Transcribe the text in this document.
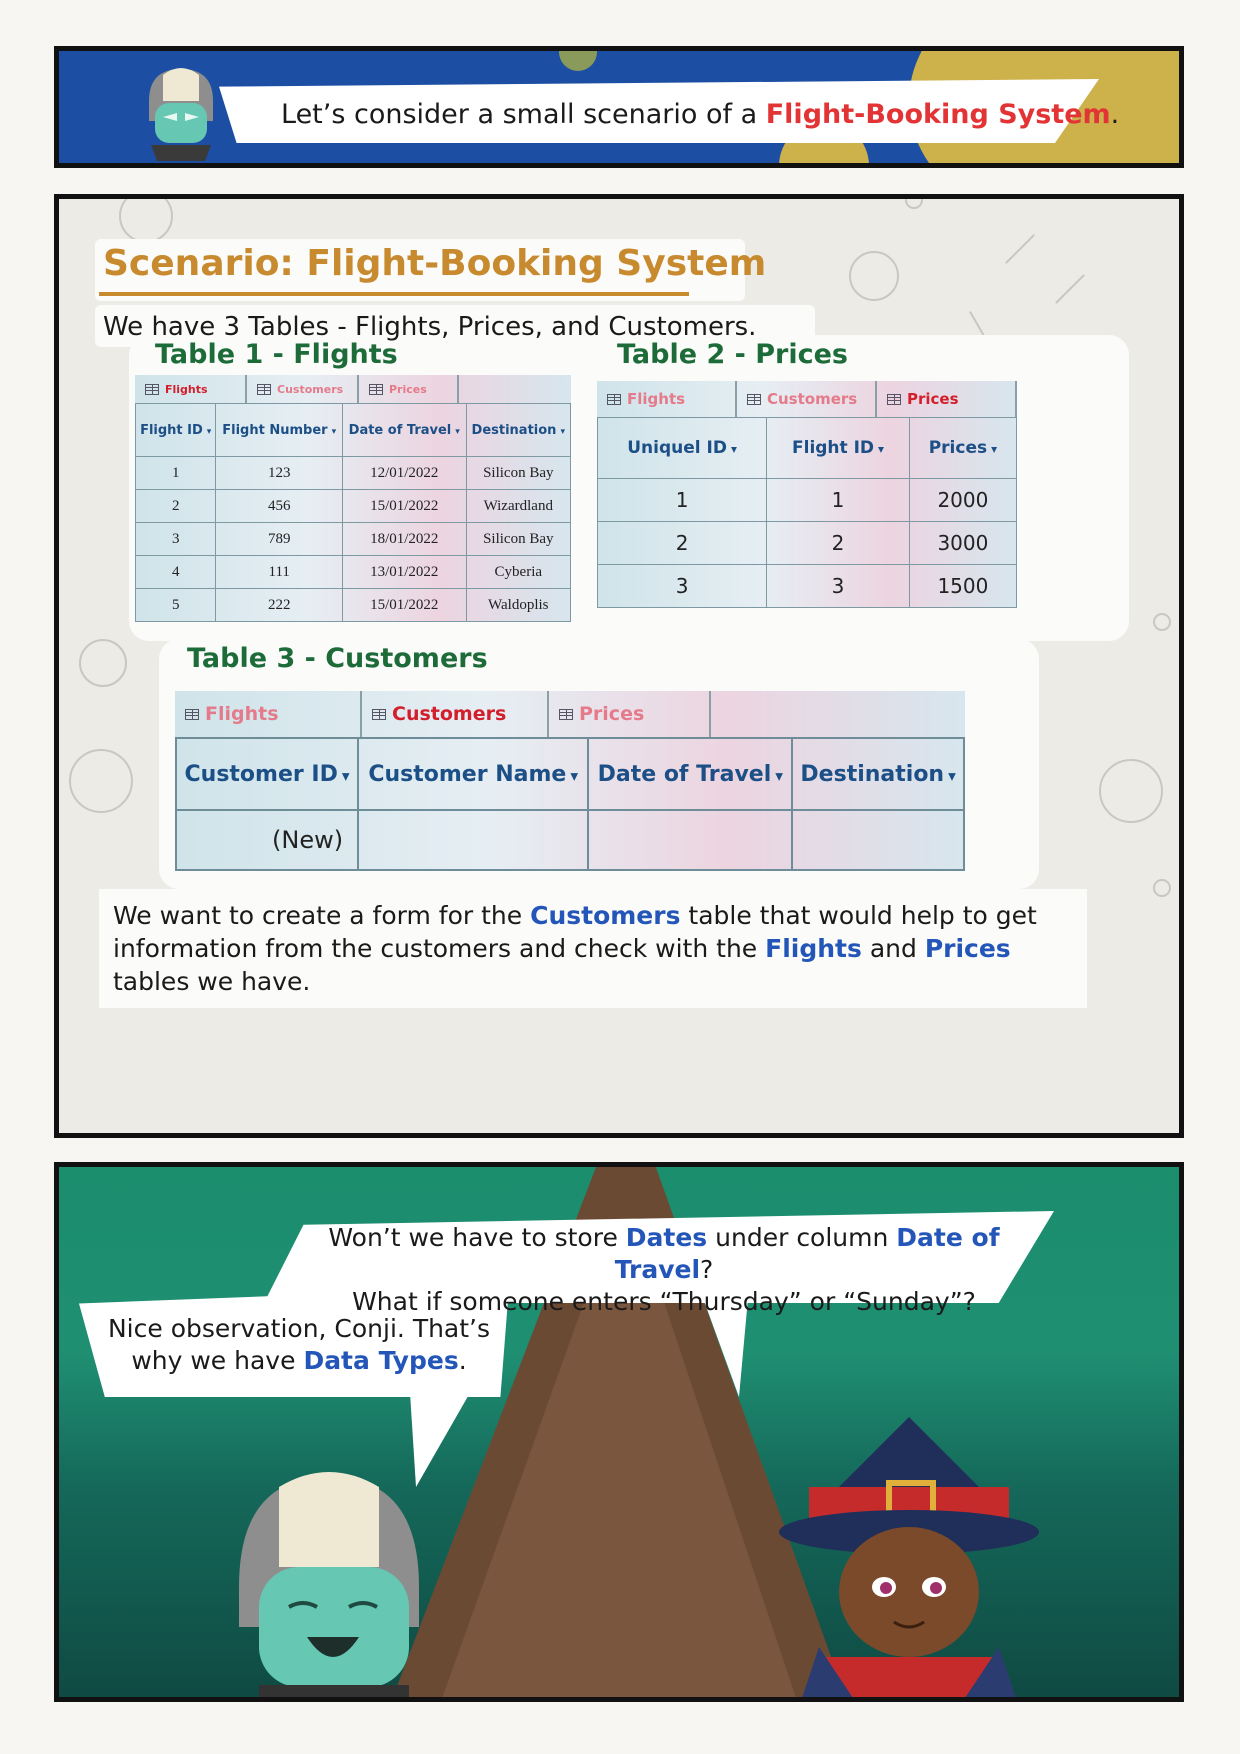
Let’s consider a small scenario of a Flight-Booking System.
Scenario: Flight-Booking System
We have 3 Tables - Flights, Prices, and Customers.
Table 1 - Flights
Flights	Customers	Prices
Flight ID ▾	Flight Number ▾	Date of Travel ▾	Destination ▾
1	123	12/01/2022	Silicon Bay
2	456	15/01/2022	Wizardland
3	789	18/01/2022	Silicon Bay
4	111	13/01/2022	Cyberia
5	222	15/01/2022	Waldoplis
Table 2 - Prices
Flights	Customers	Prices
Uniquel ID ▾	Flight ID ▾	Prices ▾
1	1	2000
2	2	3000
3	3	1500
Table 3 - Customers
Flights	Customers	Prices
Customer ID ▾	Customer Name ▾	Date of Travel ▾	Destination ▾
(New)			
We want to create a form for the Customers table that would help to get information from the customers and check with the Flights and Prices tables we have.
Won’t we have to store Dates under column Date of Travel?
What if someone enters “Thursday” or “Sunday”?
Nice observation, Conji. That’s
why we have Data Types.
